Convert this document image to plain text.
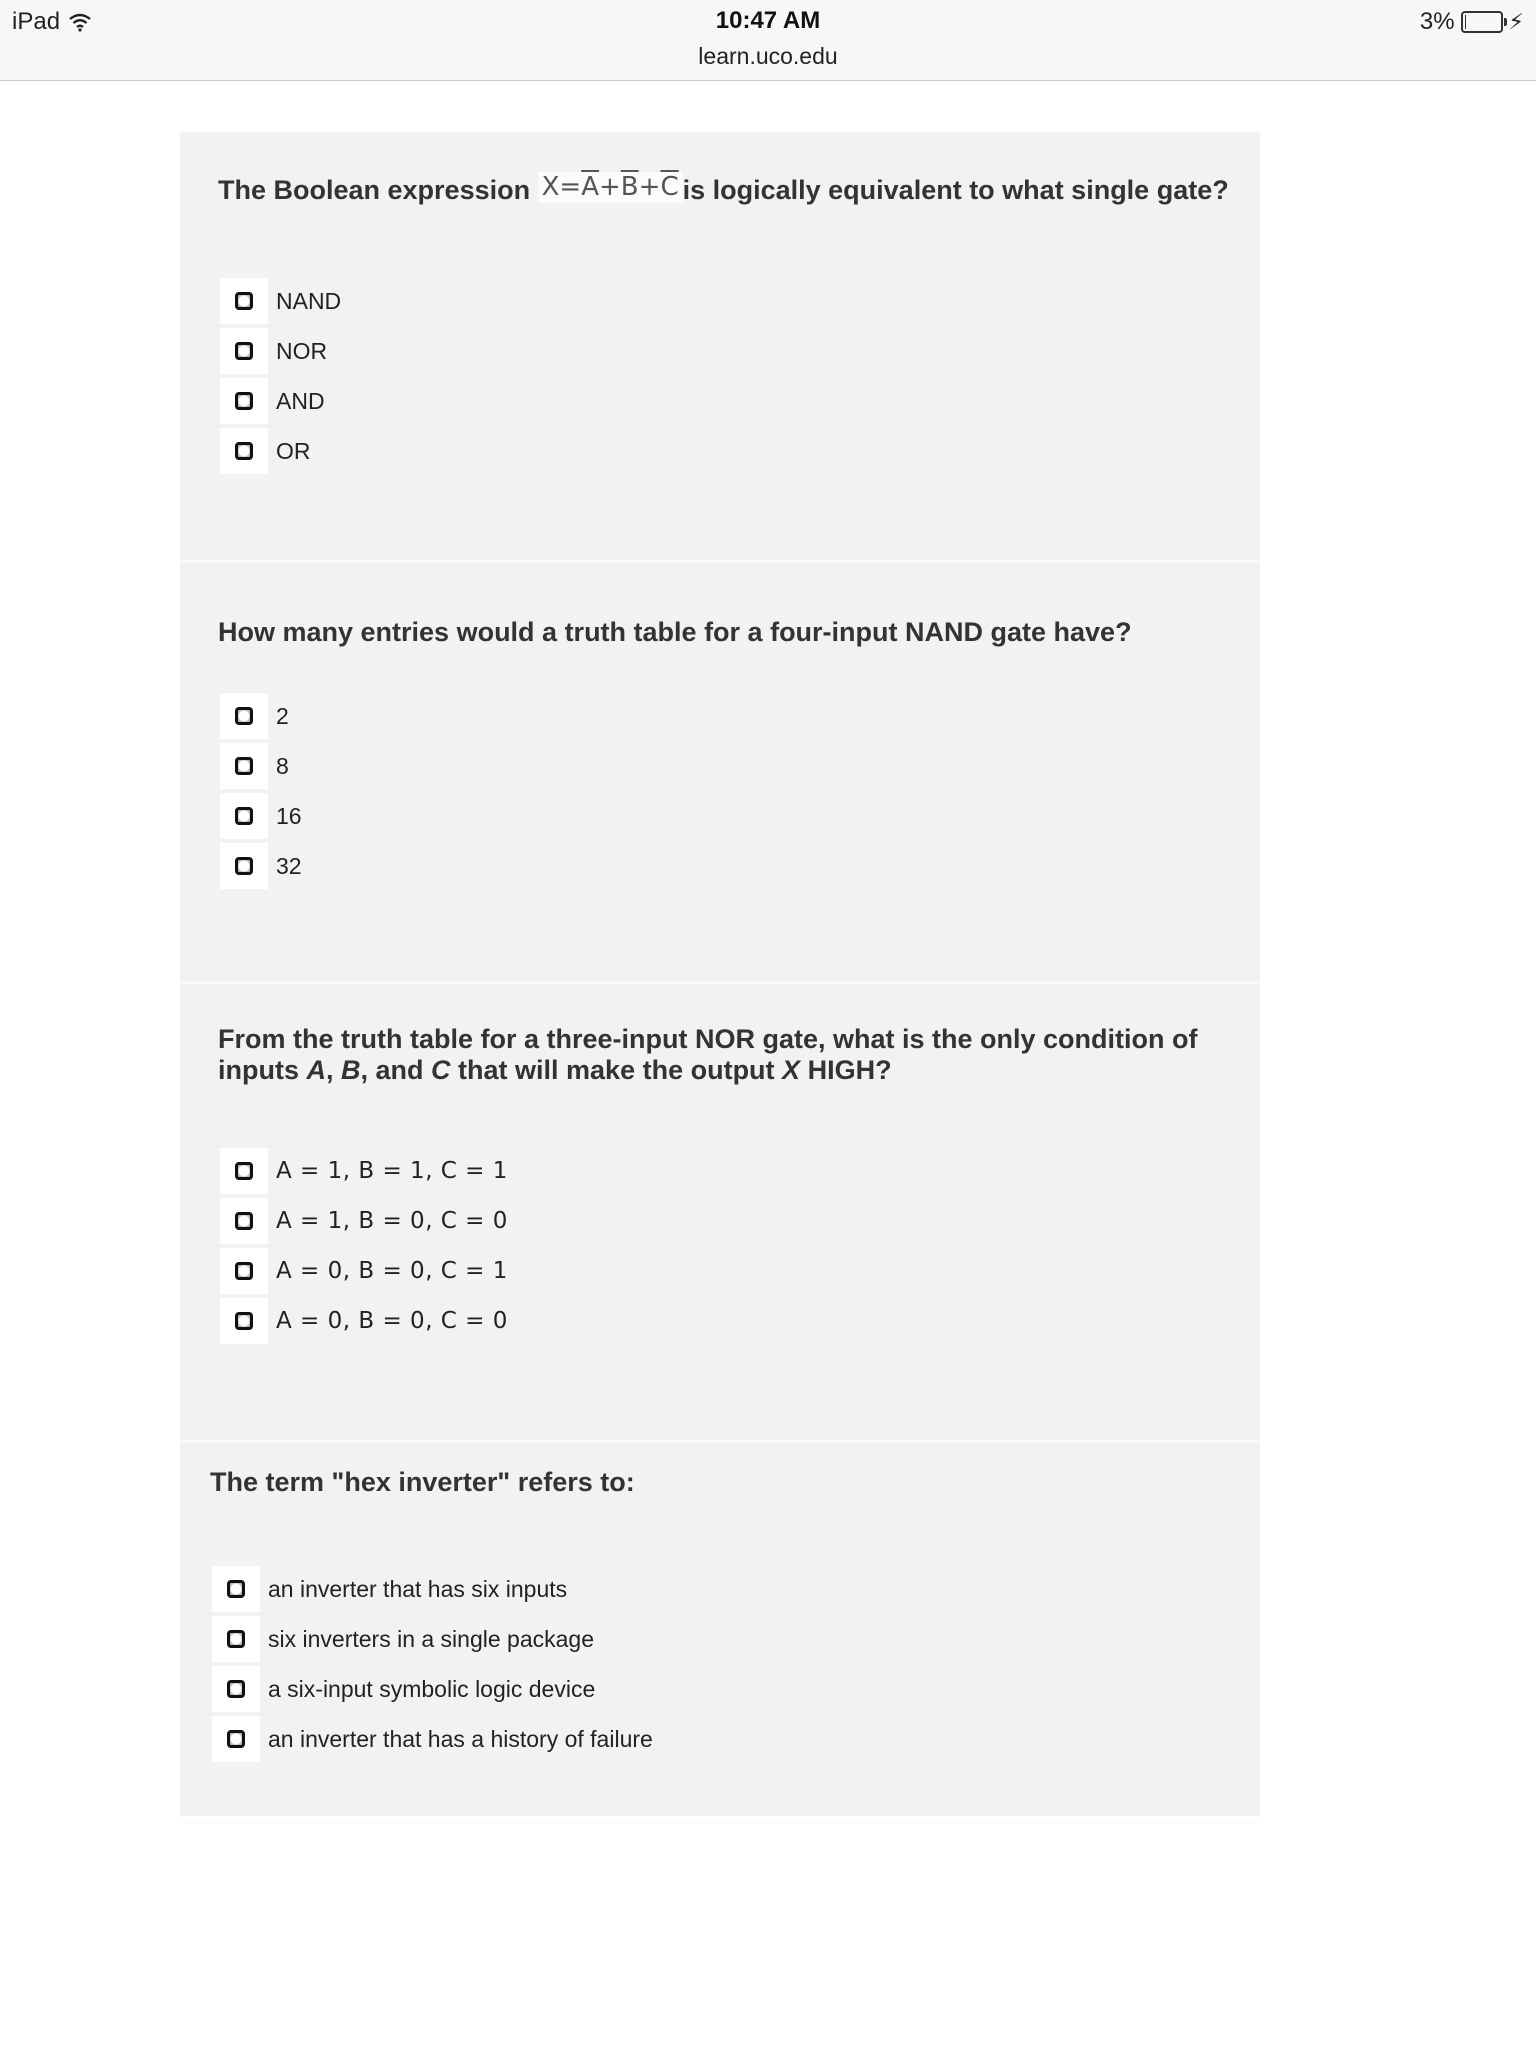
iPad	10:47 AM
learn.uco.edu
3% ⚡
The Boolean expression $X=\overline{A}+\overline{B}+\overline{C}$ is logically equivalent to what single gate?
NAND
NOR
AND
OR
How many entries would a truth table for a four-input NAND gate have?
2
8
16
32
From the truth table for a three-input NOR gate, what is the only condition of inputs A, B, and C that will make the output X HIGH?
A = 1, B = 1, C = 1
A = 1, B = 0, C = 0
A = 0, B = 0, C = 1
A = 0, B = 0, C = 0
The term "hex inverter" refers to:
an inverter that has six inputs
six inverters in a single package
a six-input symbolic logic device
an inverter that has a history of failure
